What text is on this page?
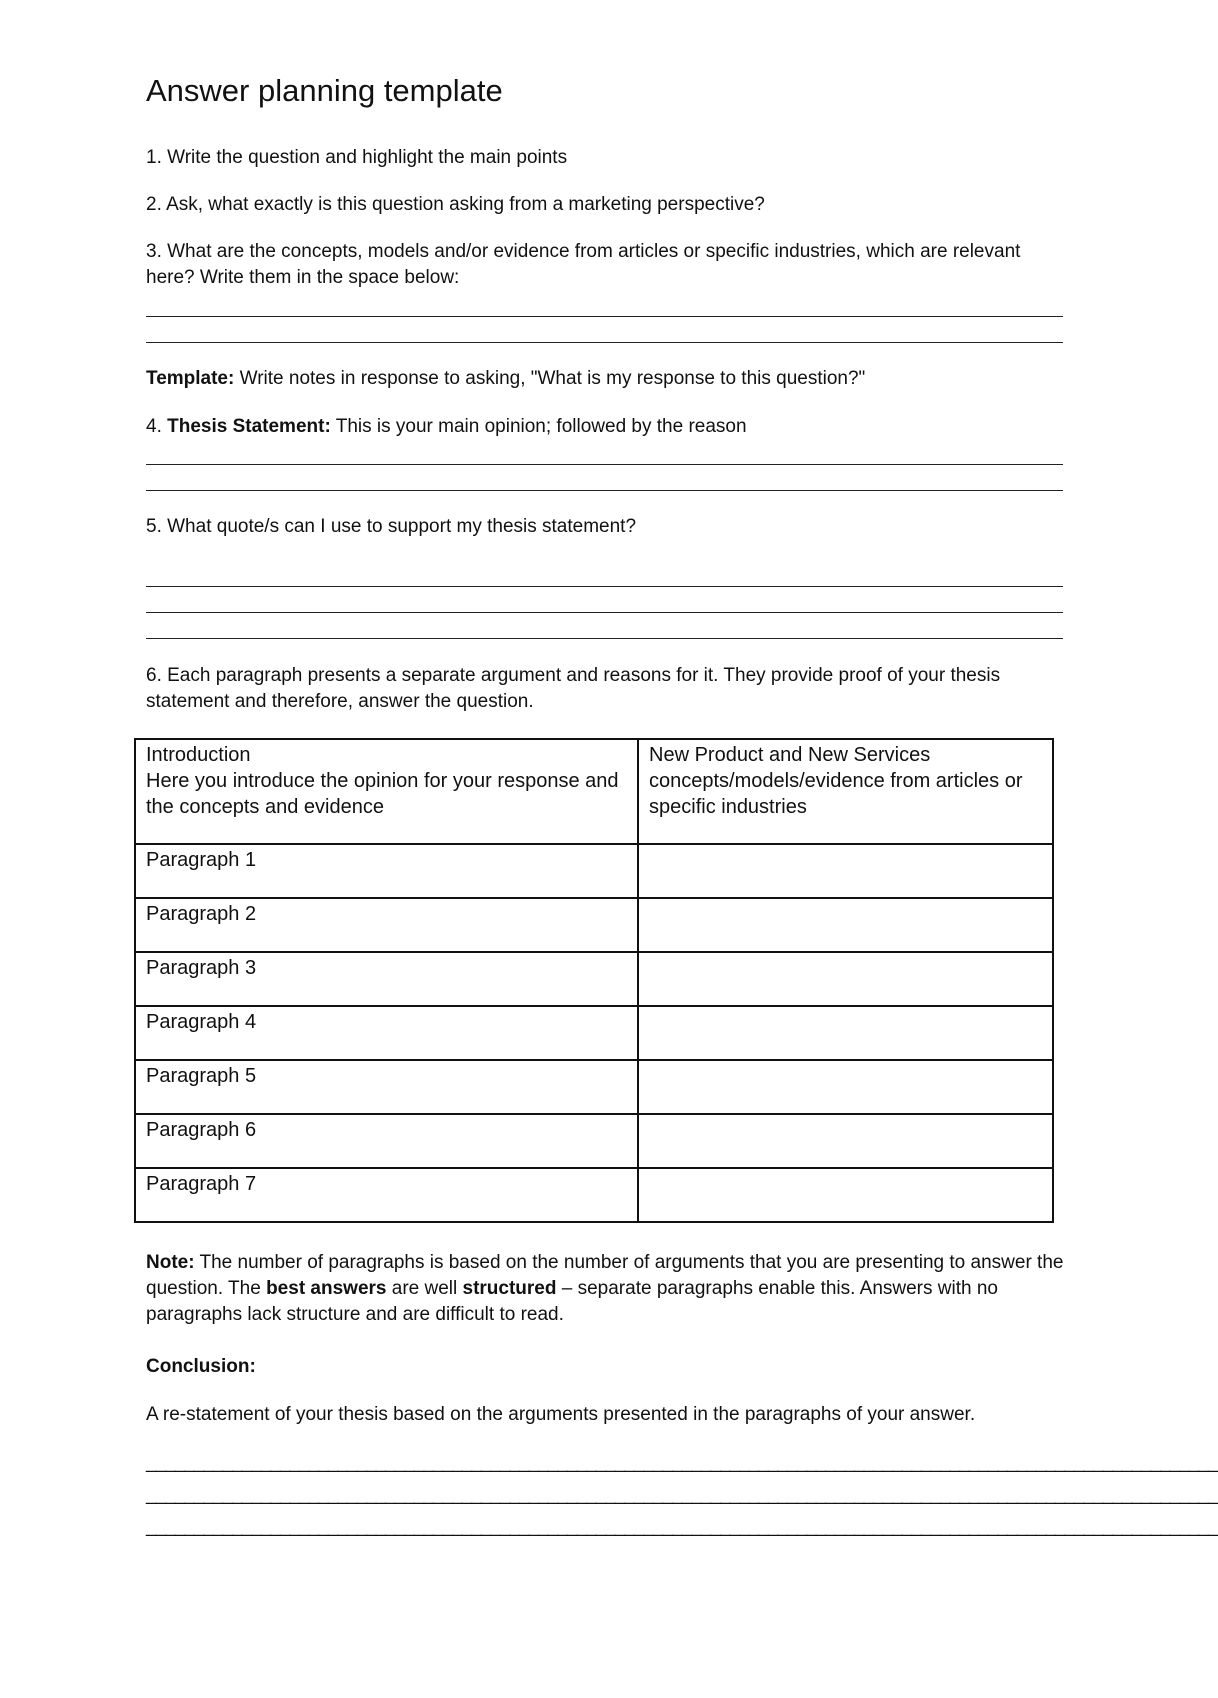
Answer planning template

1. Write the question and highlight the main points

2. Ask, what exactly is this question asking from a marketing perspective?

3. What are the concepts, models and/or evidence from articles or specific industries, which are relevant here? Write them in the space below:

Template: Write notes in response to asking, "What is my response to this question?"

4. Thesis Statement: This is your main opinion; followed by the reason

5. What quote/s can I use to support my thesis statement?

6. Each paragraph presents a separate argument and reasons for it. They provide proof of your thesis statement and therefore, answer the question.

Introduction
Here you introduce the opinion for your response and the concepts and evidence	New Product and New Services concepts/models/evidence from articles or specific industries
Paragraph 1	
Paragraph 2	
Paragraph 3	
Paragraph 4	
Paragraph 5	
Paragraph 6	
Paragraph 7	

Note: The number of paragraphs is based on the number of arguments that you are presenting to answer the question. The best answers are well structured – separate paragraphs enable this. Answers with no paragraphs lack structure and are difficult to read.

Conclusion:

A re-statement of your thesis based on the arguments presented in the paragraphs of your answer.

________________________________________________________________________________________________________________
________________________________________________________________________________________________________________
________________________________________________________________________________________________________________
